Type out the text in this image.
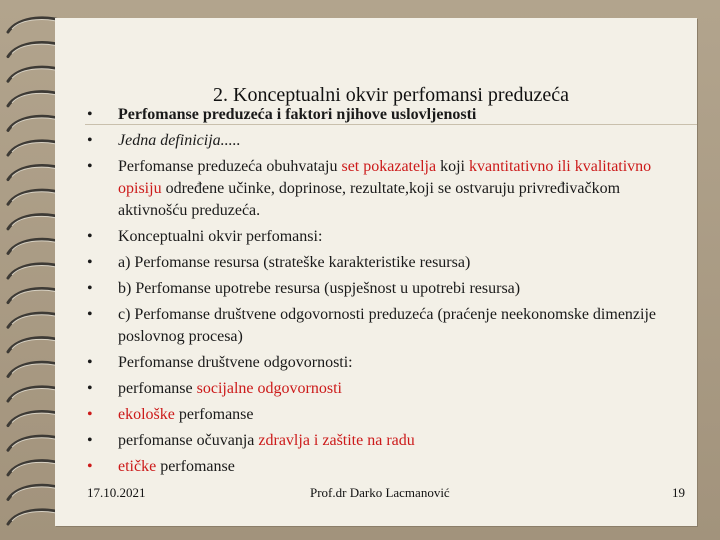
2. Konceptualni okvir perfomansi preduzeća
• Perfomanse preduzeća i faktori njihove uslovljenosti
• Jedna definicija.....
• Perfomanse preduzeća obuhvataju set pokazatelja koji kvantitativno ili kvalitativno opisiju određene učinke, doprinose, rezultate,koji se ostvaruju privređivačkom aktivnošću preduzeća.
• Konceptualni okvir perfomansi:
• a) Perfomanse resursa (strateške karakteristike resursa)
• b) Perfomanse upotrebe resursa (uspješnost u upotrebi resursa)
• c) Perfomanse društvene odgovornosti preduzeća (praćenje neekonomske dimenzije poslovnog procesa)
• Perfomanse društvene odgovornosti:
• perfomanse socijalne odgovornosti
• ekološke perfomanse
• perfomanse očuvanja zdravlja i zaštite na radu
• etičke perfomanse
17.10.2021	Prof.dr Darko Lacmanović	19
